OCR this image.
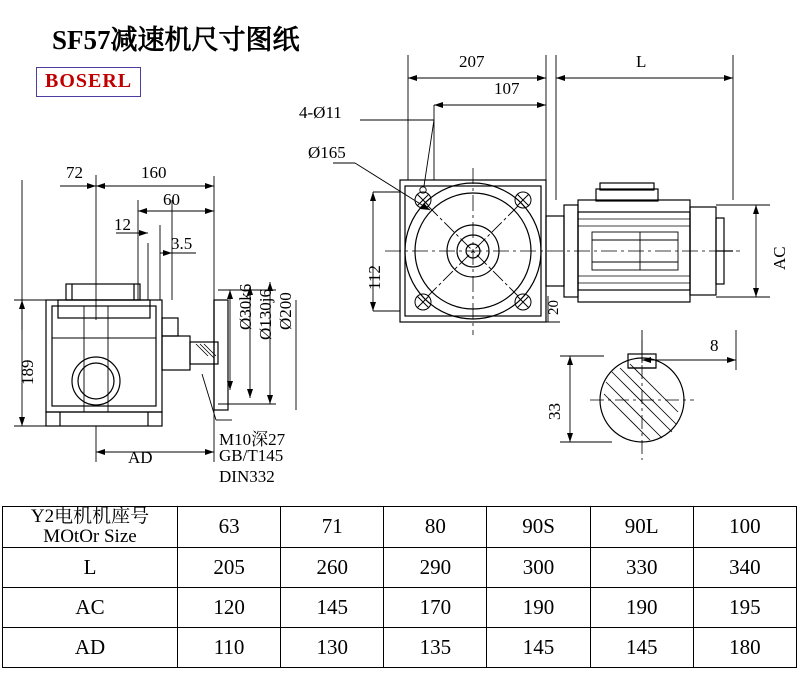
SF57减速机尺寸图纸
BOSERL
207	L
4-Ø11
107
Ø165
112
20
AC
72	160
60
12
3.5
Ø30k6 Ø130j6 Ø200
189
AD
M10深27
GB/T145
DIN332
8
33
Y2电机机座号
MOtOr Size	63	71	80	90S	90L	100
L	205	260	290	300	330	340
AC	120	145	170	190	190	195
AD	110	130	135	145	145	180
